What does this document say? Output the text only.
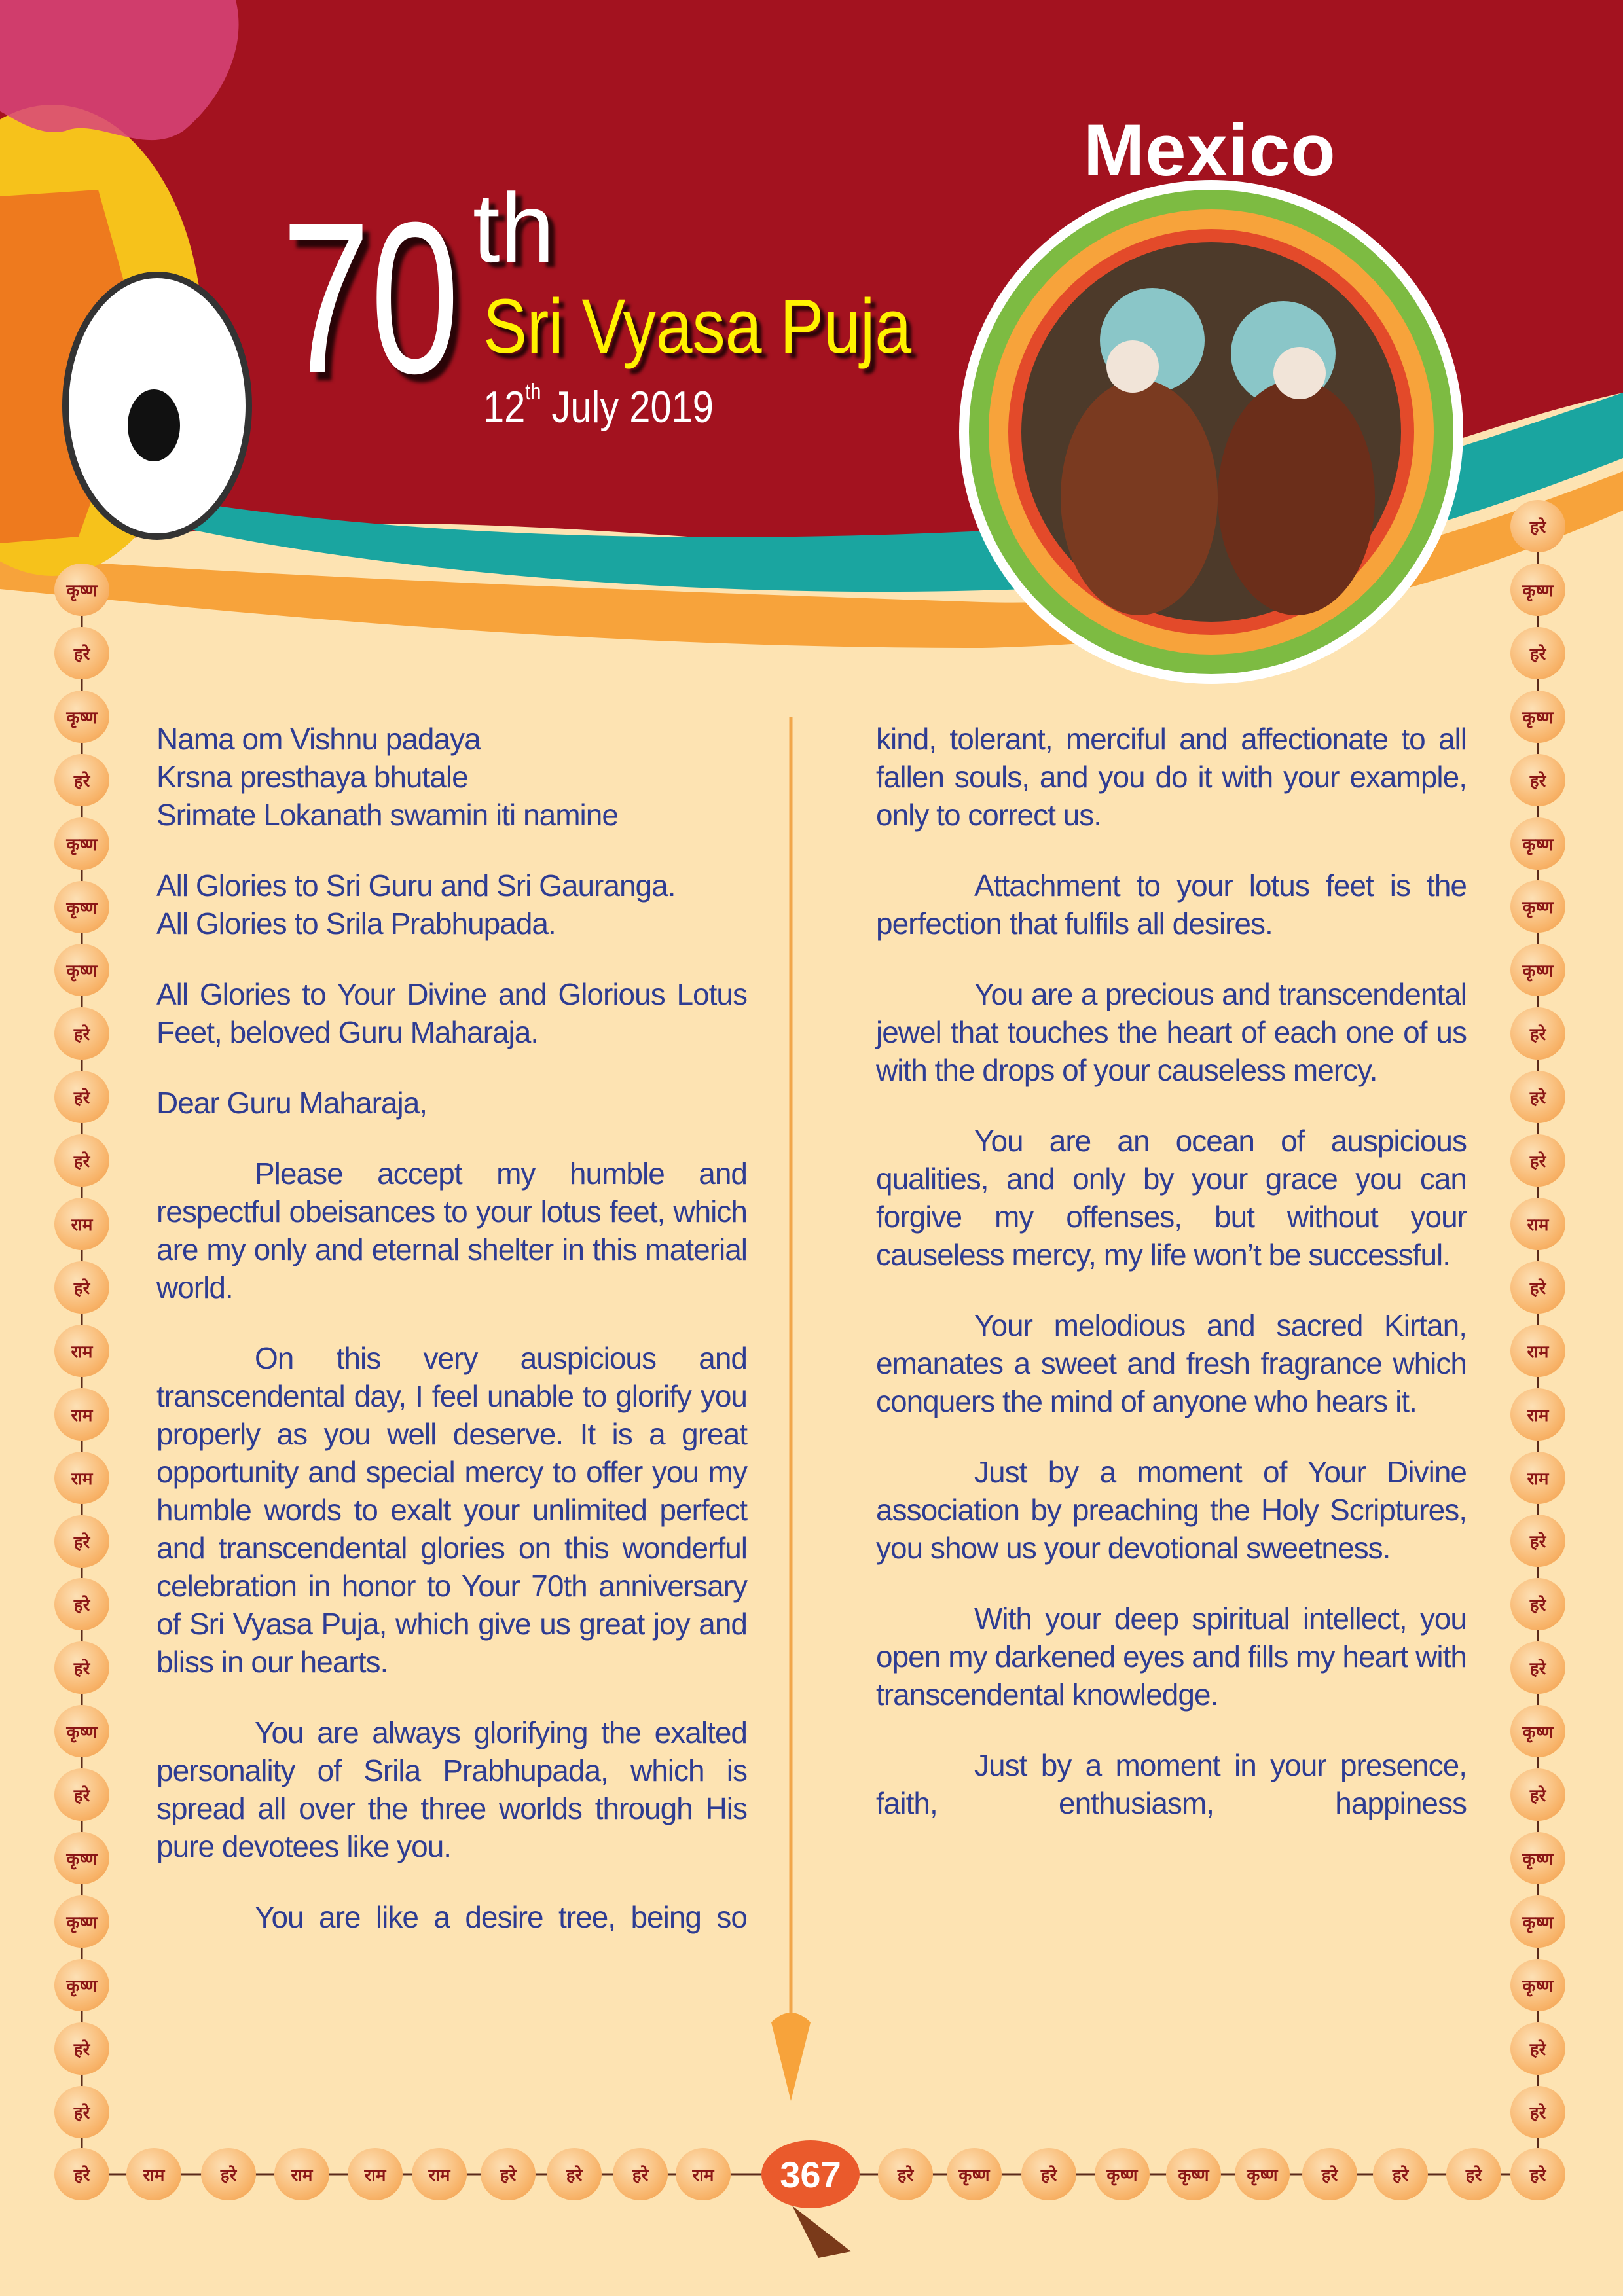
Mexico
70 th
Sri Vyasa Puja
12th July 2019

Nama om Vishnu padaya
Krsna presthaya bhutale
Srimate Lokanath swamin iti namine

All Glories to Sri Guru and Sri Gauranga.
All Glories to Srila Prabhupada.

All Glories to Your Divine and Glorious Lotus Feet, beloved Guru Maharaja.

Dear Guru Maharaja,

Please accept my humble and respectful obeisances to your lotus feet, which are my only and eternal shelter in this material world.

On this very auspicious and transcendental day, I feel unable to glorify you properly as you well deserve. It is a great opportunity and special mercy to offer you my humble words to exalt your unlimited perfect and transcendental glories on this wonderful celebration in honor to Your 70th anniversary of Sri Vyasa Puja, which give us great joy and bliss in our hearts.

You are always glorifying the exalted personality of Srila Prabhupada, which is spread all over the three worlds through His pure devotees like you.

You are like a desire tree, being so

kind, tolerant, merciful and affectionate to all fallen souls, and you do it with your example, only to correct us.

Attachment to your lotus feet is the perfection that fulfils all desires.

You are a precious and transcendental jewel that touches the heart of each one of us with the drops of your causeless mercy.

You are an ocean of auspicious qualities, and only by your grace you can forgive my offenses, but without your causeless mercy, my life won’t be successful.

Your melodious and sacred Kirtan, emanates a sweet and fresh fragrance which conquers the mind of anyone who hears it.

Just by a moment of Your Divine association by preaching the Holy Scriptures, you show us your devotional sweetness.

With your deep spiritual intellect, you open my darkened eyes and fills my heart with transcendental knowledge.

Just by a moment in your presence, faith, enthusiasm, happiness

कृष्ण
हरे
कृष्ण
हरे
कृष्ण
कृष्ण
कृष्ण
हरे
हरे
हरे
राम
हरे
राम
राम
राम
हरे
हरे
हरे
कृष्ण
हरे
कृष्ण
कृष्ण
कृष्ण
हरे
हरे
हरे
कृष्ण
हरे
कृष्ण
हरे
कृष्ण
कृष्ण
कृष्ण
हरे
हरे
हरे
राम
हरे
राम
राम
राम
हरे
हरे
हरे
कृष्ण
हरे
कृष्ण
कृष्ण
कृष्ण
हरे
हरे
हरे	राम	हरे	राम	राम	राम	हरे	हरे	हरे	राम	हरे	कृष्ण	हरे	कृष्ण	कृष्ण	कृष्ण	हरे	हरे	हरे	हरे
367
